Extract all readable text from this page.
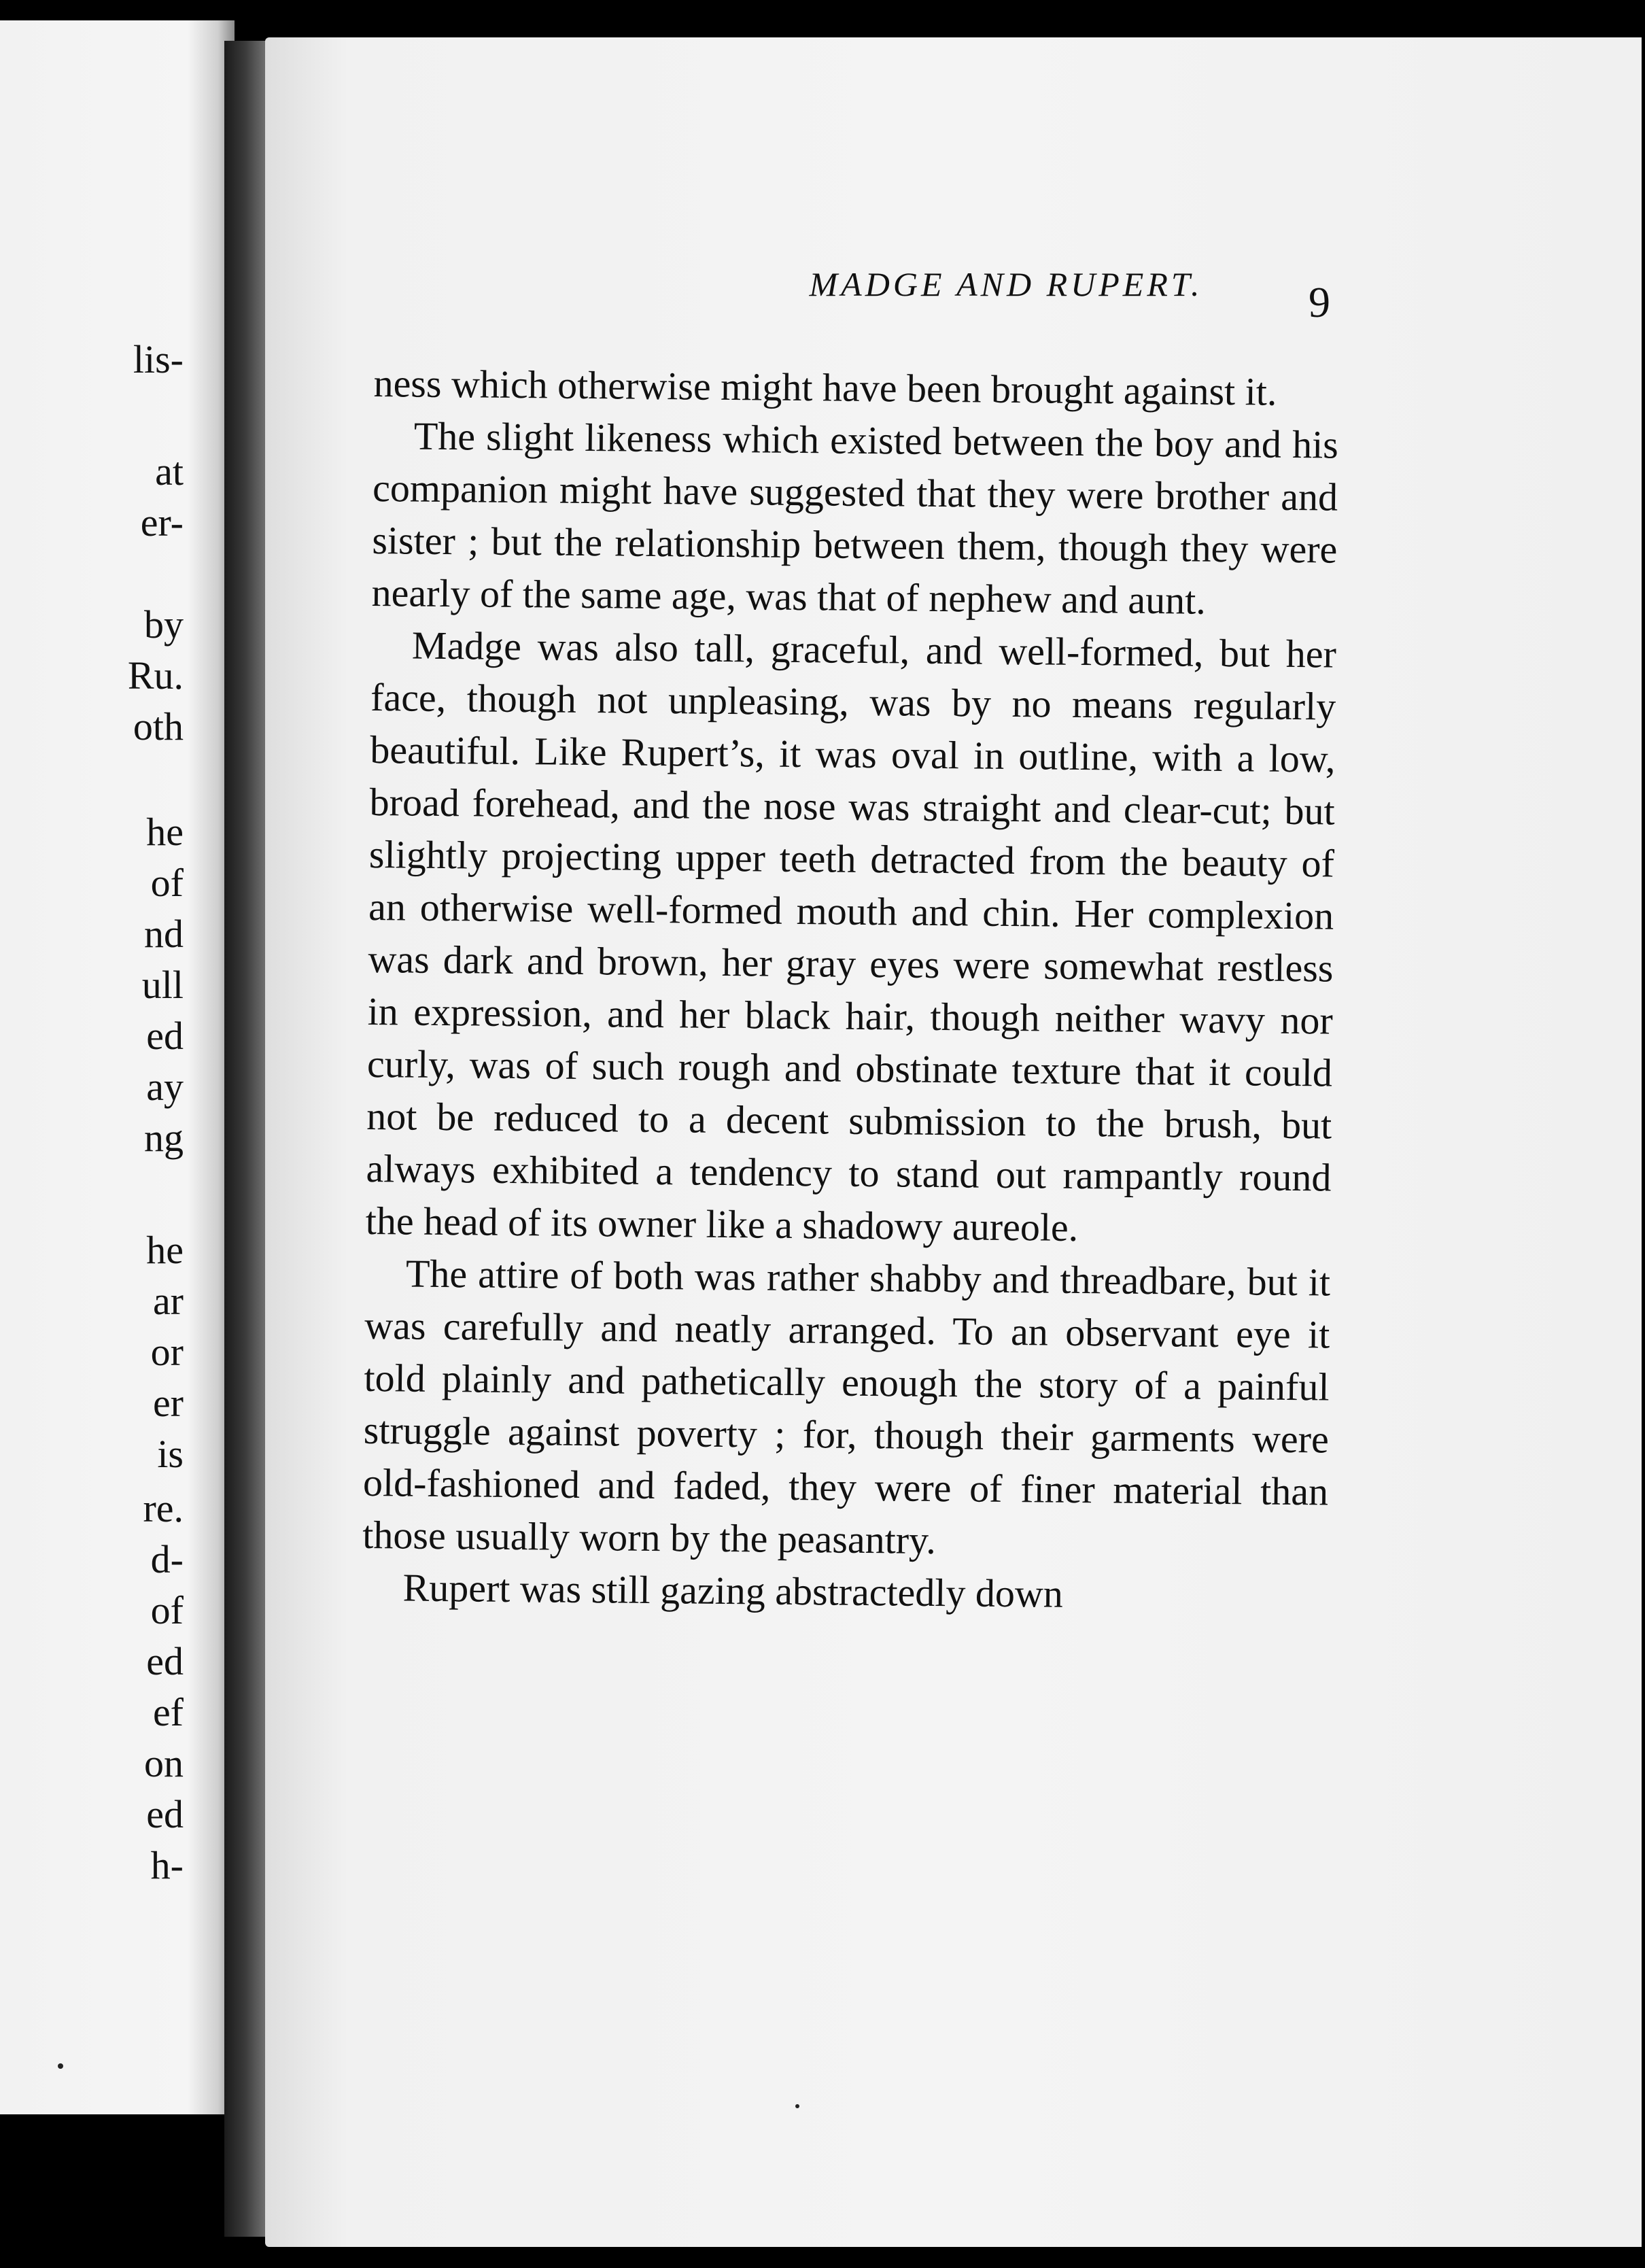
lis-
at
er-
by
Ru.
oth
he
of
nd
ull
ed
ay
ng
he
ar
or
er
is
re.
d-
of
ed
ef
on
ed
h-
MADGE AND RUPERT.	9

ness which otherwise might have been brought against it.

The slight likeness which existed between the boy and his companion might have suggested that they were brother and sister ; but the relationship between them, though they were nearly of the same age, was that of nephew and aunt.

Madge was also tall, graceful, and well-formed, but her face, though not unpleasing, was by no means regularly beautiful. Like Rupert’s, it was oval in outline, with a low, broad forehead, and the nose was straight and clear-cut; but slightly projecting upper teeth detracted from the beauty of an otherwise well-formed mouth and chin. Her complexion was dark and brown, her gray eyes were somewhat restless in expression, and her black hair, though neither wavy nor curly, was of such rough and obstinate texture that it could not be reduced to a decent submission to the brush, but always exhibited a tendency to stand out rampantly round the head of its owner like a shadowy aureole.

The attire of both was rather shabby and threadbare, but it was carefully and neatly arranged. To an observant eye it told plainly and pathetically enough the story of a painful struggle against poverty ; for, though their garments were old-fashioned and faded, they were of finer material than those usually worn by the peasantry.

Rupert was still gazing abstractedly down
